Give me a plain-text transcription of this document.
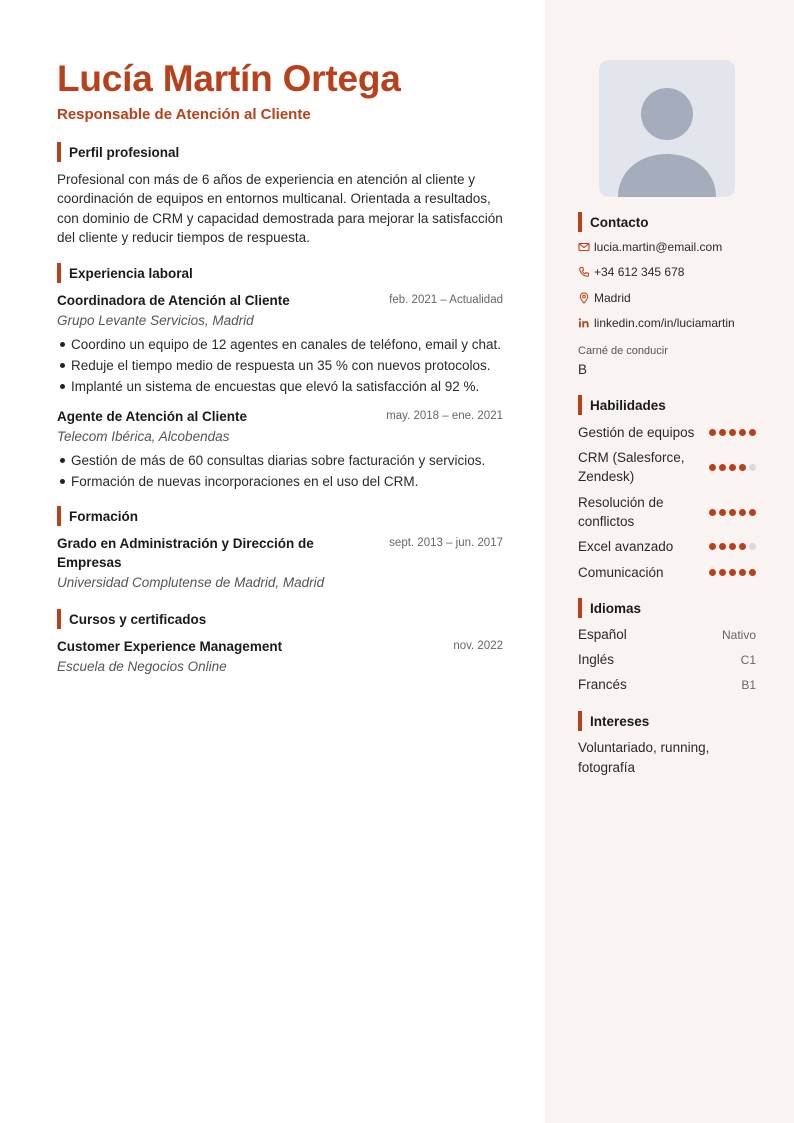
Lucía Martín Ortega
Responsable de Atención al Cliente
Perfil profesional
Profesional con más de 6 años de experiencia en atención al cliente y coordinación de equipos en entornos multicanal. Orientada a resultados, con dominio de CRM y capacidad demostrada para mejorar la satisfacción del cliente y reducir tiempos de respuesta.
Experiencia laboral
Coordinadora de Atención al Cliente	feb. 2021 – Actualidad
Grupo Levante Servicios, Madrid
Coordino un equipo de 12 agentes en canales de teléfono, email y chat.
Reduje el tiempo medio de respuesta un 35 % con nuevos protocolos.
Implanté un sistema de encuestas que elevó la satisfacción al 92 %.
Agente de Atención al Cliente	may. 2018 – ene. 2021
Telecom Ibérica, Alcobendas
Gestión de más de 60 consultas diarias sobre facturación y servicios.
Formación de nuevas incorporaciones en el uso del CRM.
Formación
Grado en Administración y Dirección de Empresas
sept. 2013 – jun. 2017
Universidad Complutense de Madrid, Madrid
Cursos y certificados
Customer Experience Management	nov. 2022
Escuela de Negocios Online
Contacto
lucia.martin@email.com
+34 612 345 678
Madrid
linkedin.com/in/luciamartin
Carné de conducir
B
Habilidades
Gestión de equipos
CRM (Salesforce, Zendesk)
Resolución de conflictos
Excel avanzado
Comunicación
Idiomas
Español	Nativo
Inglés	C1
Francés	B1
Intereses
Voluntariado, running, fotografía
